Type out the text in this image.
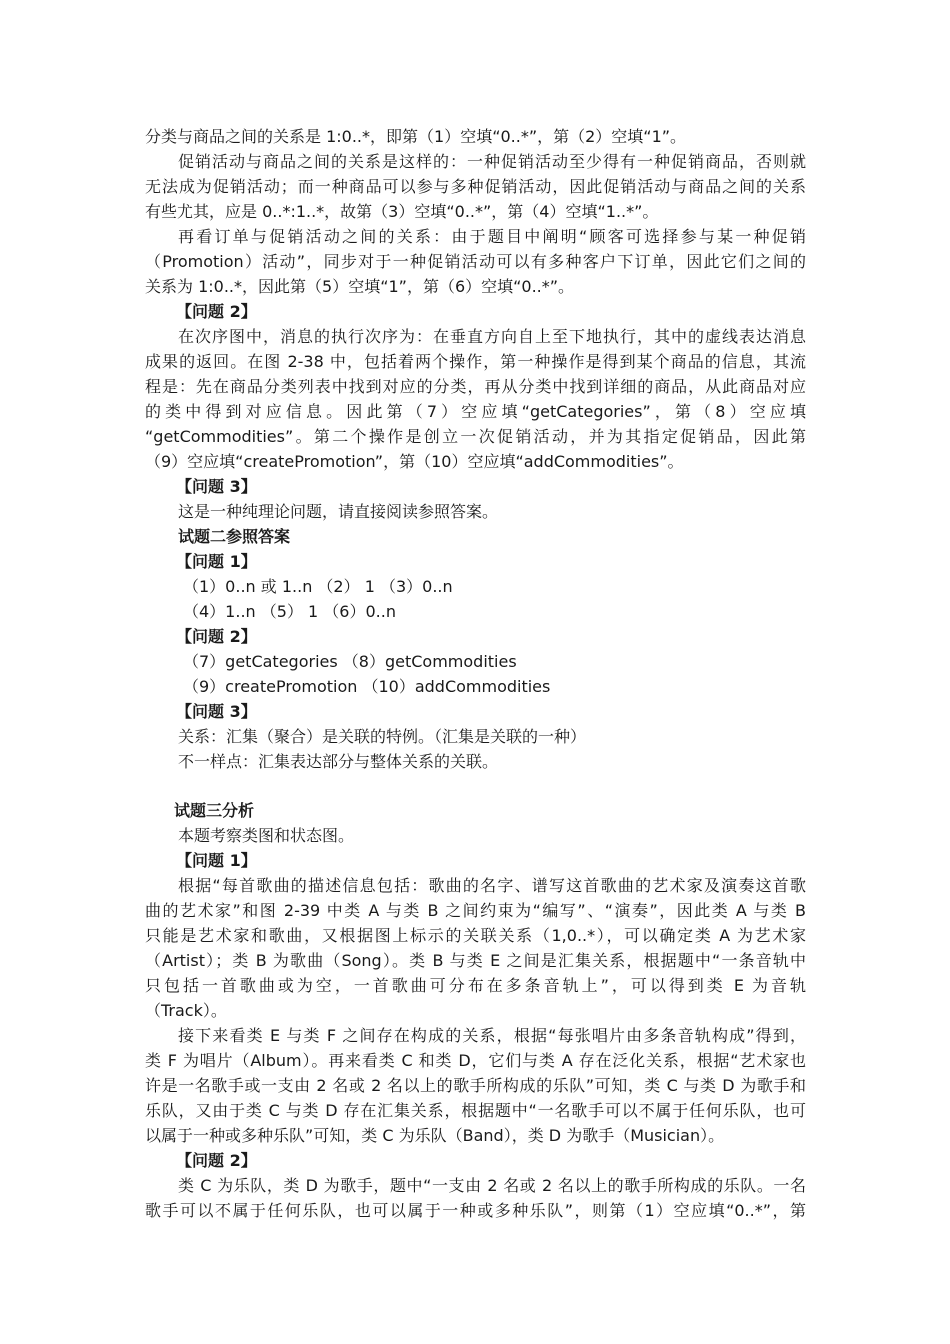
分类与商品之间的关系是 1:0..*，即第（1）空填“0..*”，第（2）空填“1”。
促销活动与商品之间的关系是这样的：一种促销活动至少得有一种促销商品，否则就
无法成为促销活动；而一种商品可以参与多种促销活动，因此促销活动与商品之间的关系
有些尤其，应是 0..*:1..*，故第（3）空填“0..*”，第（4）空填“1..*”。
再看订单与促销活动之间的关系：由于题目中阐明“顾客可选择参与某一种促销
（Promotion）活动”，同步对于一种促销活动可以有多种客户下订单，因此它们之间的
关系为 1:0..*，因此第（5）空填“1”，第（6）空填“0..*”。
【问题 2】
在次序图中，消息的执行次序为：在垂直方向自上至下地执行，其中的虚线表达消息
成果的返回。在图 2-38 中，包括着两个操作，第一种操作是得到某个商品的信息，其流
程是：先在商品分类列表中找到对应的分类，再从分类中找到详细的商品，从此商品对应
的类中得到对应信息。因此第（7）空应填“getCategories”，第（8）空应填
“getCommodities”。第二个操作是创立一次促销活动，并为其指定促销品，因此第
（9）空应填“createPromotion”，第（10）空应填“addCommodities”。
【问题 3】
这是一种纯理论问题，请直接阅读参照答案。
试题二参照答案
【问题 1】
（1）0..n 或 1..n （2） 1 （3）0..n
（4）1..n （5） 1 （6）0..n
【问题 2】
（7）getCategories （8）getCommodities
（9）createPromotion （10）addCommodities
【问题 3】
关系：汇集（聚合）是关联的特例。（汇集是关联的一种）
不一样点：汇集表达部分与整体关系的关联。
试题三分析
本题考察类图和状态图。
【问题 1】
根据“每首歌曲的描述信息包括：歌曲的名字、谱写这首歌曲的艺术家及演奏这首歌
曲的艺术家”和图 2-39 中类 A 与类 B 之间约束为“编写”、“演奏”，因此类 A 与类 B
只能是艺术家和歌曲，又根据图上标示的关联关系（1,0..*），可以确定类 A 为艺术家
（Artist）；类 B 为歌曲（Song）。类 B 与类 E 之间是汇集关系，根据题中“一条音轨中
只包括一首歌曲或为空，一首歌曲可分布在多条音轨上”，可以得到类 E 为音轨
（Track）。
接下来看类 E 与类 F 之间存在构成的关系，根据“每张唱片由多条音轨构成”得到，
类 F 为唱片（Album）。再来看类 C 和类 D，它们与类 A 存在泛化关系，根据“艺术家也
许是一名歌手或一支由 2 名或 2 名以上的歌手所构成的乐队”可知，类 C 与类 D 为歌手和
乐队，又由于类 C 与类 D 存在汇集关系，根据题中“一名歌手可以不属于任何乐队，也可
以属于一种或多种乐队”可知，类 C 为乐队（Band），类 D 为歌手（Musician）。
【问题 2】
类 C 为乐队，类 D 为歌手，题中“一支由 2 名或 2 名以上的歌手所构成的乐队。一名
歌手可以不属于任何乐队，也可以属于一种或多种乐队”，则第（1）空应填“0..*”，第
